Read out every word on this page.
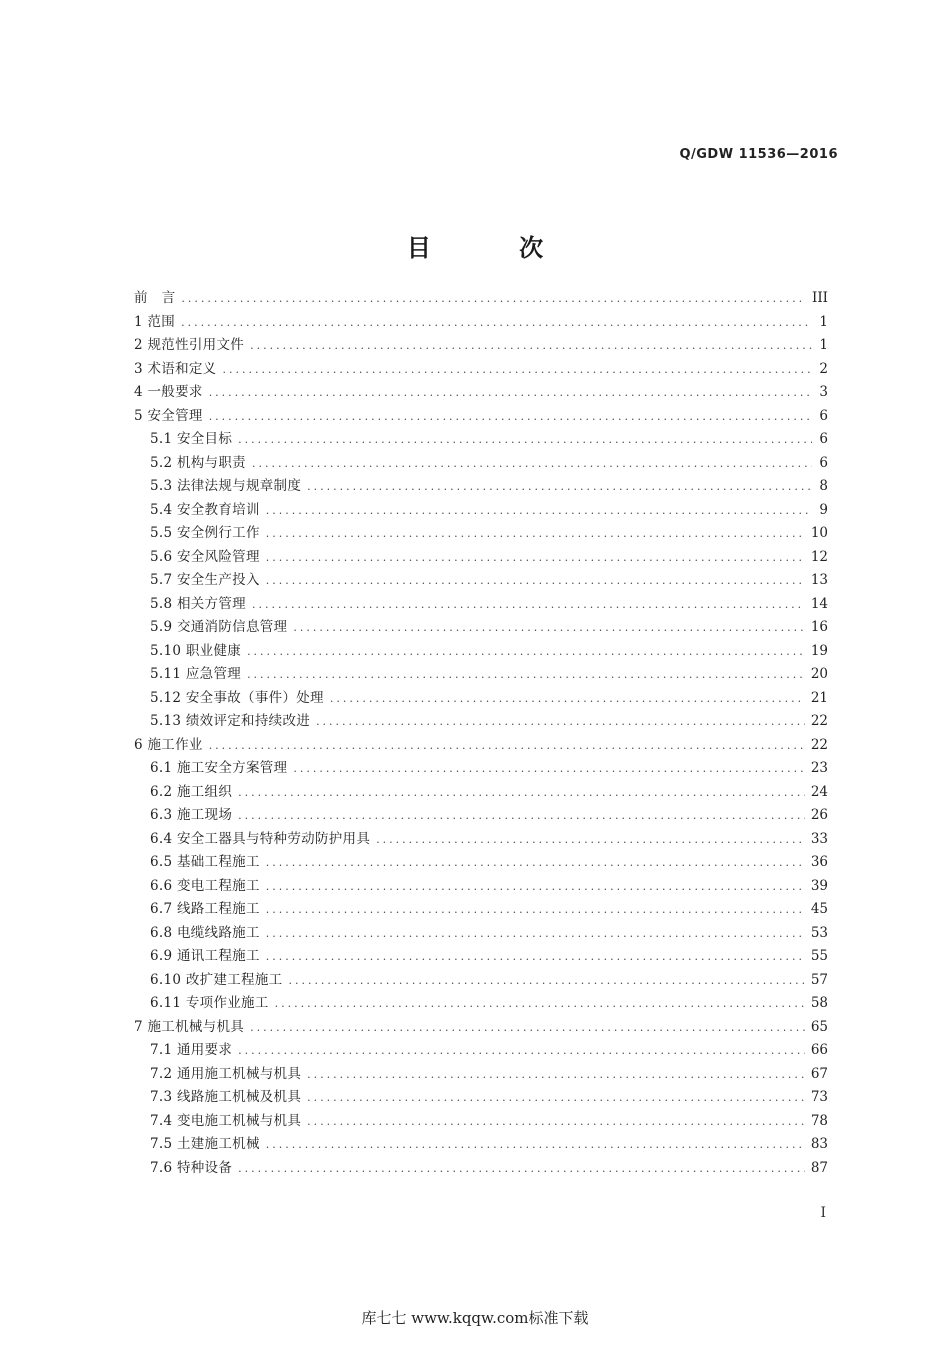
Q/GDW 11536—2016
目 次
前　言 .....	III
1 范围 .....	1
2 规范性引用文件 .....	1
3 术语和定义 .....	2
4 一般要求 .....	3
5 安全管理 .....	6
5.1 安全目标 .....	6
5.2 机构与职责 .....	6
5.3 法律法规与规章制度 .....	8
5.4 安全教育培训 .....	9
5.5 安全例行工作 .....	10
5.6 安全风险管理 .....	12
5.7 安全生产投入 .....	13
5.8 相关方管理 .....	14
5.9 交通消防信息管理 .....	16
5.10 职业健康 .....	19
5.11 应急管理 .....	20
5.12 安全事故（事件）处理 .....	21
5.13 绩效评定和持续改进 .....	22
6 施工作业 .....	22
6.1 施工安全方案管理 .....	23
6.2 施工组织 .....	24
6.3 施工现场 .....	26
6.4 安全工器具与特种劳动防护用具 .....	33
6.5 基础工程施工 .....	36
6.6 变电工程施工 .....	39
6.7 线路工程施工 .....	45
6.8 电缆线路施工 .....	53
6.9 通讯工程施工 .....	55
6.10 改扩建工程施工 .....	57
6.11 专项作业施工 .....	58
7 施工机械与机具 .....	65
7.1 通用要求 .....	66
7.2 通用施工机械与机具 .....	67
7.3 线路施工机械及机具 .....	73
7.4 变电施工机械与机具 .....	78
7.5 土建施工机械 .....	83
7.6 特种设备 .....	87
I
库七七 www.kqqw.com标准下载
